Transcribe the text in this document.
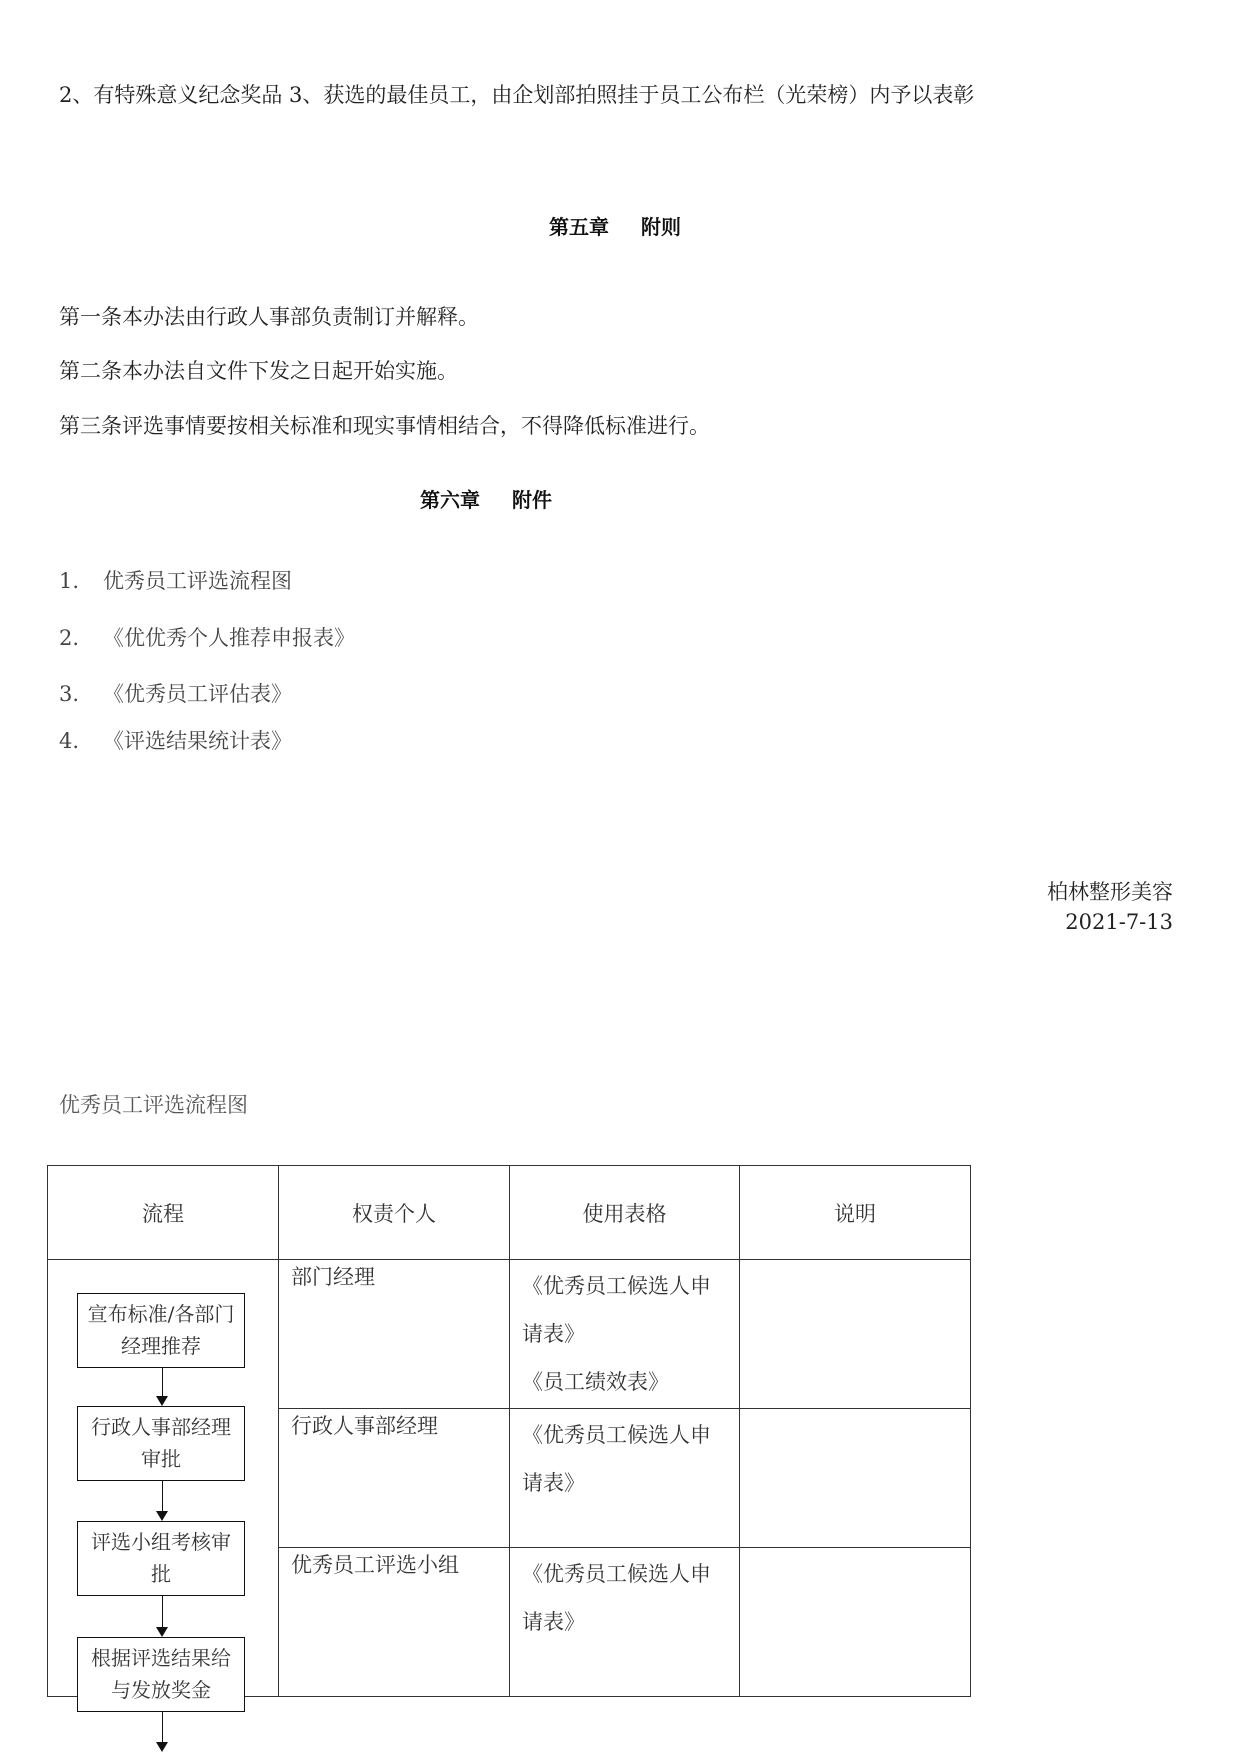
2、有特殊意义纪念奖品 3、获选的最佳员工，由企划部拍照挂于员工公布栏（光荣榜）内予以表彰
第五章 附则
第一条本办法由行政人事部负责制订并解释。
第二条本办法自文件下发之日起开始实施。
第三条评选事情要按相关标准和现实事情相结合，不得降低标准进行。
第六章 附件
1. 优秀员工评选流程图
2. 《优优秀个人推荐申报表》
3. 《优秀员工评估表》
4. 《评选结果统计表》
柏林整形美容
2021-7-13
优秀员工评选流程图
流程	权责个人	使用表格	说明

	部门经理	《优秀员工候选人申
请表》
《员工绩效表》	

	行政人事部经理	《优秀员工候选人申
请表》	

	优秀员工评选小组	《优秀员工候选人申
请表》	

宣布标准/各部门经理推荐
行政人事部经理审批
评选小组考核审批
根据评选结果给与发放奖金
